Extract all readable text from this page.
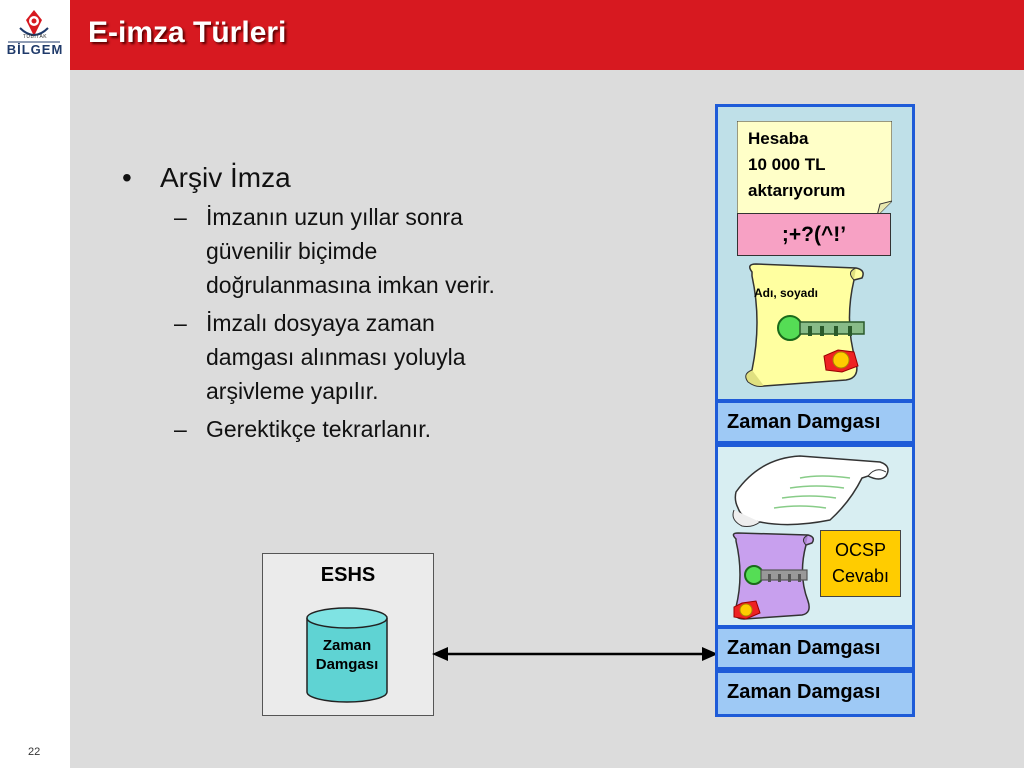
TÜBİTAK
BİLGEM
22
E-imza Türleri
• Arşiv İmza
– İmzanın uzun yıllar sonra
güvenilir biçimde
doğrulanmasına imkan verir.
– İmzalı dosyaya zaman
damgası alınması yoluyla
arşivleme yapılır.
– Gerektikçe tekrarlanır.
ESHS
Zaman
Damgası
Hesaba
10 000 TL
aktarıyorum
;+?(^!’
Adı, soyadı
Zaman Damgası
OCSP
Cevabı
Zaman Damgası
Zaman Damgası
